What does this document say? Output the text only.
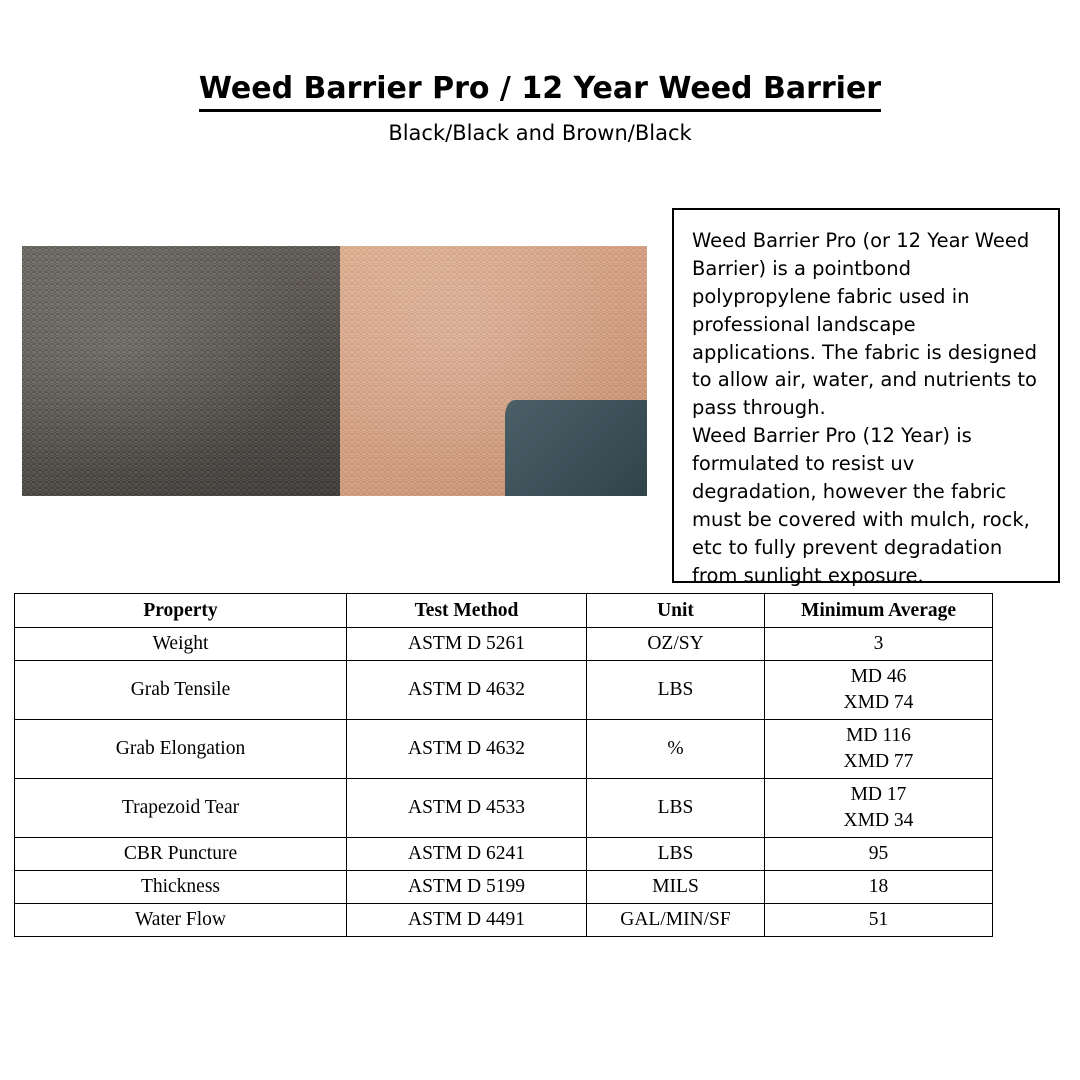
Weed Barrier Pro / 12 Year Weed Barrier
Black/Black and Brown/Black

Weed Barrier Pro (or 12 Year Weed Barrier) is a pointbond polypropylene fabric used in professional landscape applications. The fabric is designed to allow air, water, and nutrients to pass through.

Weed Barrier Pro (12 Year) is formulated to resist uv degradation, however the fabric must be covered with mulch, rock, etc to fully prevent degradation from sunlight exposure.

Property	Test Method	Unit	Minimum Average
Weight	ASTM D 5261	OZ/SY	3
Grab Tensile	ASTM D 4632	LBS	MD 46
XMD 74

Grab Elongation	ASTM D 4632	%	MD 116
XMD 77

Trapezoid Tear	ASTM D 4533	LBS	MD 17
XMD 34

CBR Puncture	ASTM D 6241	LBS	95
Thickness	ASTM D 5199	MILS	18
Water Flow	ASTM D 4491	GAL/MIN/SF	51
